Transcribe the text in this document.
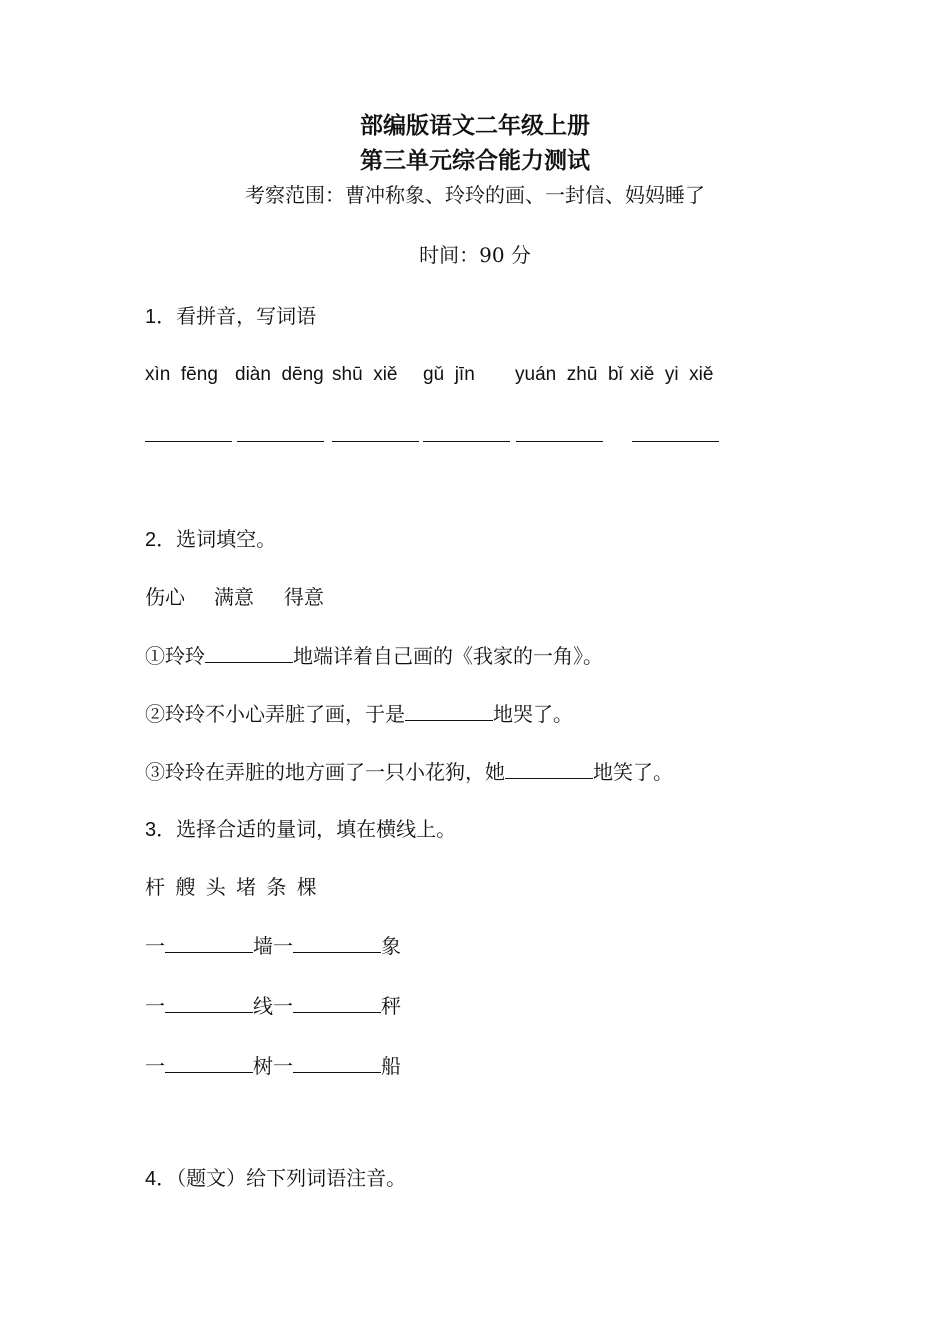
部编版语文二年级上册
第三单元综合能力测试
考察范围：曹冲称象、玲玲的画、一封信、妈妈睡了
时间：90 分
1．看拼音，写词语
xìn  fēng diàn  dēng shū  xiě gǔ  jīn yuán  zhū  bǐ xiě  yi  xiě
2．选词填空。
伤心 满意 得意
①玲玲	地端详着自己画的《我家的一角》。
②玲玲不小心弄脏了画，于是	地哭了。
③玲玲在弄脏的地方画了一只小花狗，她	地笑了。
3．选择合适的量词，填在横线上。
杆 艘 头 堵 条 棵
一	墙一	象
一	线一	秤
一	树一	船
4．（题文）给下列词语注音。
